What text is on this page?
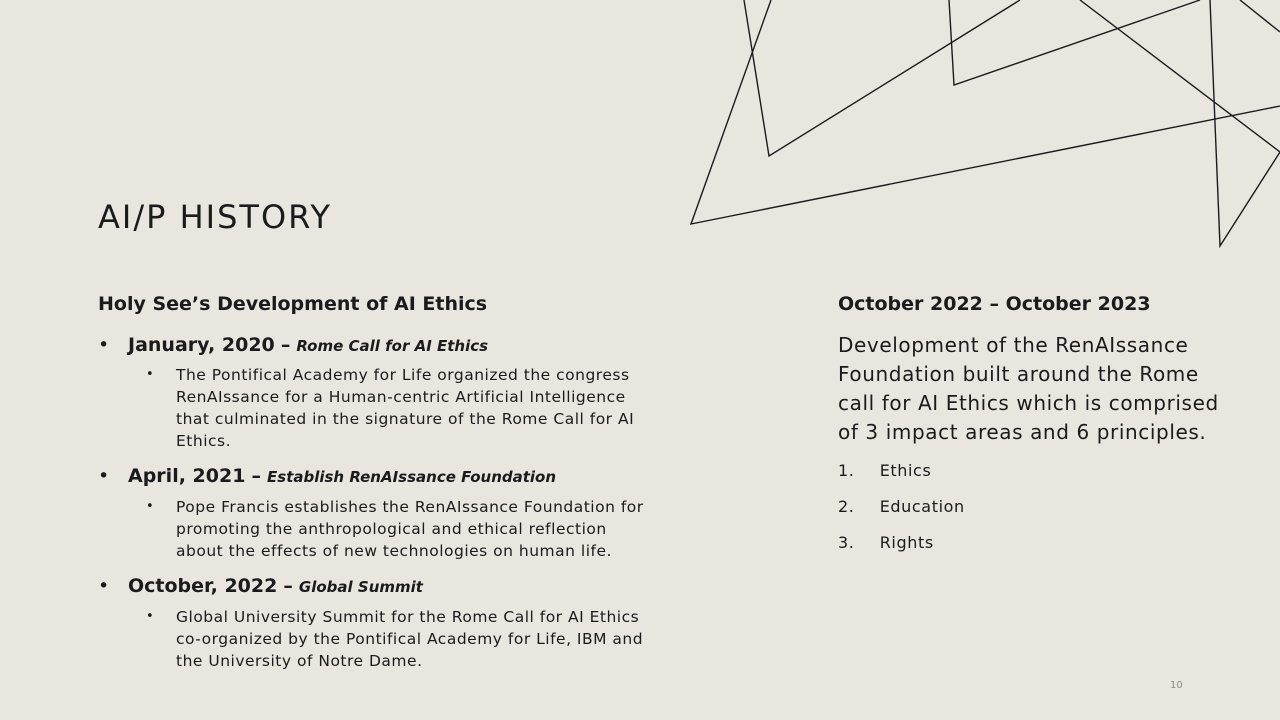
AI/P HISTORY
Holy See’s Development of AI Ethics
• January, 2020 – Rome Call for AI Ethics
• The Pontifical Academy for Life organized the congress RenAIssance for a Human-centric Artificial Intelligence that culminated in the signature of the Rome Call for AI Ethics.
• April, 2021 – Establish RenAIssance Foundation
• Pope Francis establishes the RenAIssance Foundation for promoting the anthropological and ethical reflection about the effects of new technologies on human life.
• October, 2022 – Global Summit
• Global University Summit for the Rome Call for AI Ethics co-organized by the Pontifical Academy for Life, IBM and the University of Notre Dame.
October 2022 – October 2023

Development of the RenAIssance Foundation built around the Rome call for AI Ethics which is comprised of 3 impact areas and 6 principles.

1. Ethics
2. Education
3. Rights
10
